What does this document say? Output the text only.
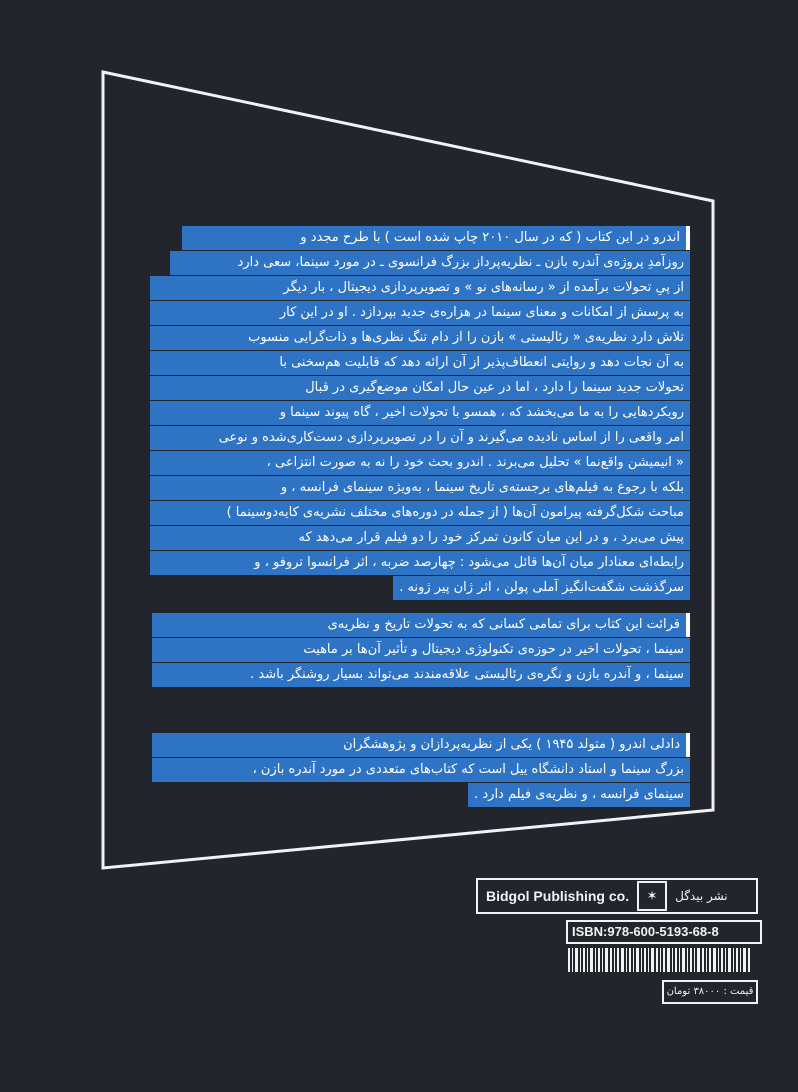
اندرو در این کتاب ( که در سال ۲۰۱۰ چاپ شده است ) با طرح مجدد و
روزآمدِ پروژه‌ی آندره بازن ـ نظریه‌پرداز بزرگ فرانسوی ـ در مورد سینما، سعی دارد
از پیِ تحولات برآمده از « رسانه‌های نو » و تصویرپردازی دیجیتال ، بار دیگر
به پرسش از امکانات و معنای سینما در هزاره‌ی جدید بپردازد . او در این کار
تلاش دارد نظریه‌ی « رئالیستی » بازن را از دام تنگ نظری‌ها و ذات‌گرایی منسوب
به آن نجات دهد و روایتی انعطاف‌پذیر از آن ارائه دهد که قابلیت هم‌سخنی با
تحولات جدید سینما را دارد ، اما در عین حال امکان موضع‌گیری در قبال
رویکردهایی را به ما می‌بخشد که ، همسو با تحولات اخیر ، گاه پیوند سینما و
امر واقعی را از اساس نادیده می‌گیرند و آن را در تصویرپردازی دست‌کاری‌شده و نوعی
« انیمیشن واقع‌نما » تحلیل می‌برند . اندرو بحث خود را نه به صورت انتزاعی ،
بلکه با رجوع به فیلم‌های برجسته‌ی تاریخ سینما ، به‌ویژه سینمای فرانسه ، و
مباحث شکل‌گرفته پیرامون آن‌ها ( از جمله در دوره‌های مختلف نشریه‌ی کایه‌دوسینما )
پیش می‌برد ، و در این میان کانون تمرکز خود را دو فیلم قرار می‌دهد که
رابطه‌ای معنادار میان آن‌ها قائل می‌شود : چهارصد ضربه ، اثر فرانسوا تروفو ، و
سرگذشت شگفت‌انگیز آملی پولن ، اثر ژان پیر ژونه .
قرائت این کتاب برای تمامی کسانی که به تحولات تاریخ و نظریه‌ی
سینما ، تحولات اخیر در حوزه‌ی تکنولوژی دیجیتال و تأثیر آن‌ها بر ماهیت
سینما ، و آندره بازن و نگره‌ی رئالیستی علاقه‌مندند می‌تواند بسیار روشنگر باشد .
دادلی اندرو ( متولد ۱۹۴۵ ) یکی از نظریه‌پردازان و پژوهشگران
بزرگ سینما و استاد دانشگاه ییل است که کتاب‌های متعددی در مورد آندره بازن ،
سینمای فرانسه ، و نظریه‌ی فیلم دارد .
Bidgol Publishing co.	✶	نشر بیدگل
ISBN:978-600-5193-68-8
قیمت : ۳۸۰۰۰ تومان
